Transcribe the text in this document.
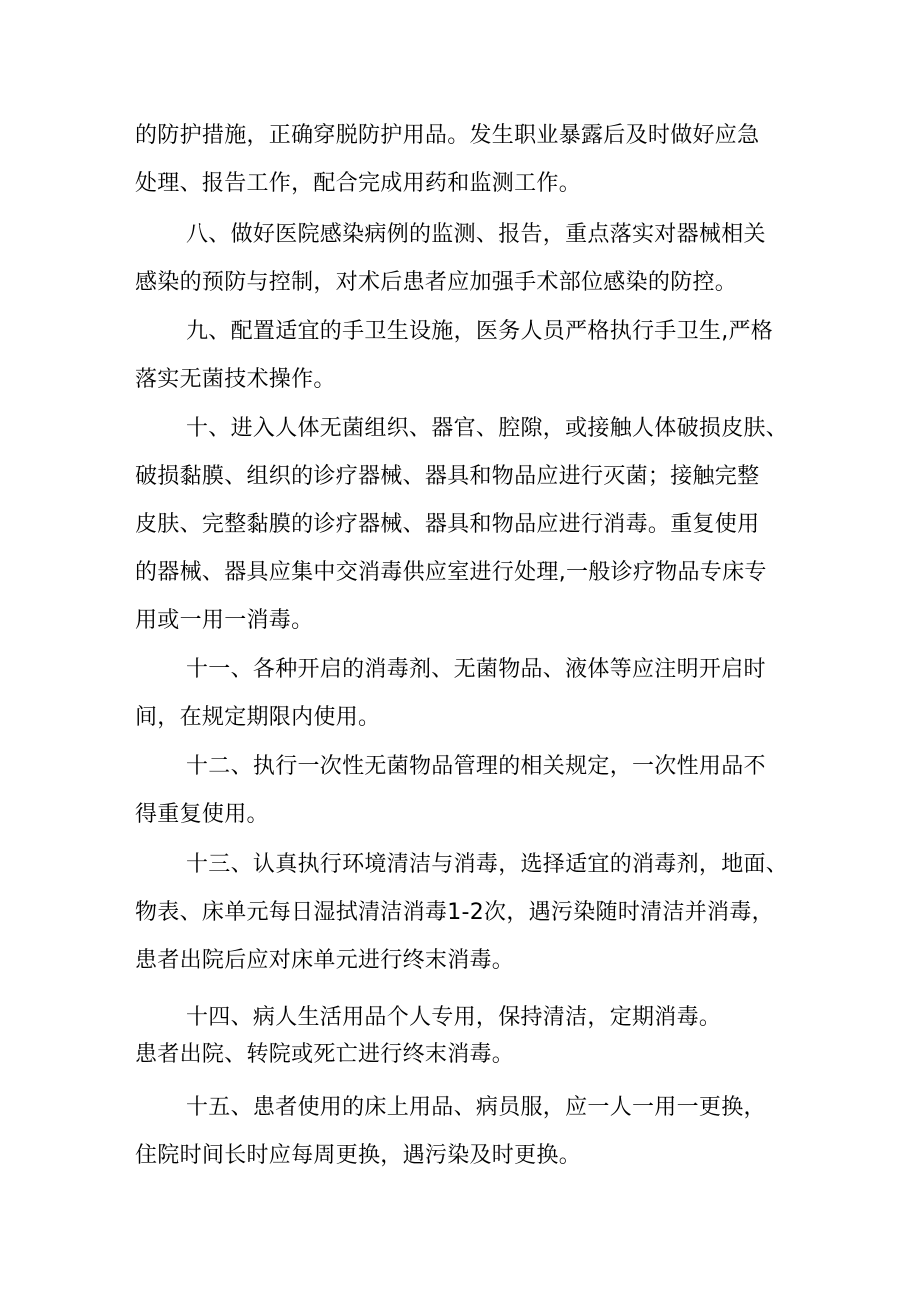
的防护措施，正确穿脱防护用品。发生职业暴露后及时做好应急
处理、报告工作，配合完成用药和监测工作。
八、做好医院感染病例的监测、报告，重点落实对器械相关
感染的预防与控制，对术后患者应加强手术部位感染的防控。
九、配置适宜的手卫生设施，医务人员严格执行手卫生,严格
落实无菌技术操作。
十、进入人体无菌组织、器官、腔隙，或接触人体破损皮肤、
破损黏膜、组织的诊疗器械、器具和物品应进行灭菌；接触完整
皮肤、完整黏膜的诊疗器械、器具和物品应进行消毒。重复使用
的器械、器具应集中交消毒供应室进行处理,一般诊疗物品专床专
用或一用一消毒。
十一、各种开启的消毒剂、无菌物品、液体等应注明开启时
间，在规定期限内使用。
十二、执行一次性无菌物品管理的相关规定，一次性用品不
得重复使用。
十三、认真执行环境清洁与消毒，选择适宜的消毒剂，地面、
物表、床单元每日湿拭清洁消毒1-2次，遇污染随时清洁并消毒，
患者出院后应对床单元进行终末消毒。
十四、病人生活用品个人专用，保持清洁，定期消毒。
患者出院、转院或死亡进行终末消毒。
十五、患者使用的床上用品、病员服，应一人一用一更换，
住院时间长时应每周更换，遇污染及时更换。
